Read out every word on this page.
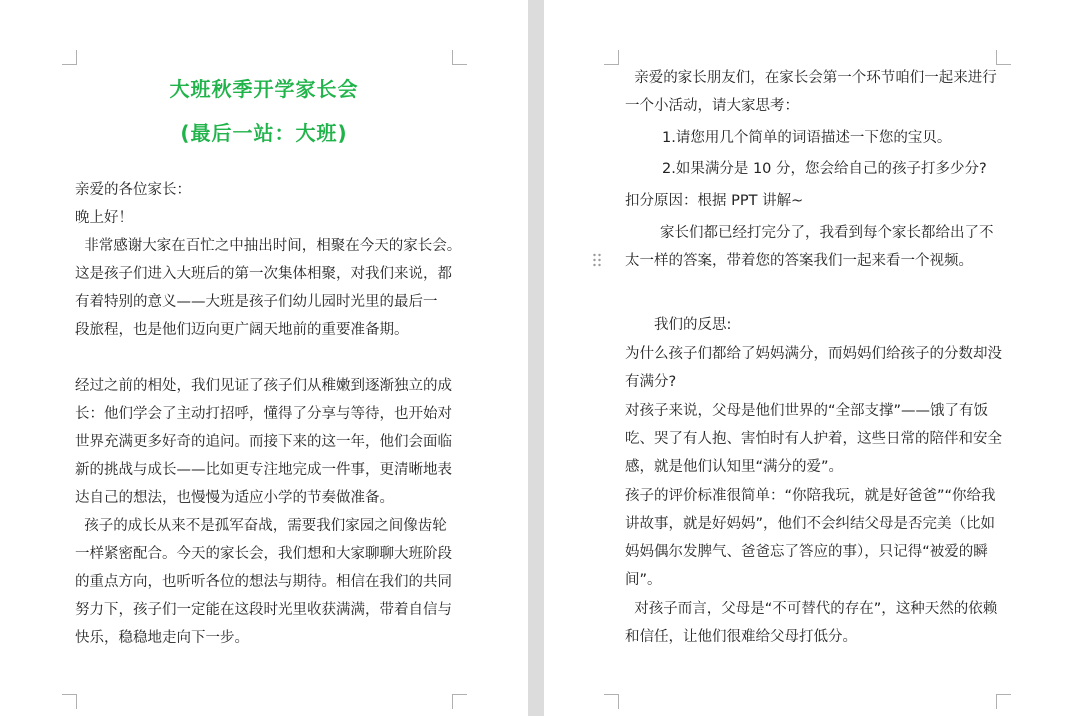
大班秋季开学家长会
(最后一站：大班)
亲爱的各位家长：
晚上好！
非常感谢大家在百忙之中抽出时间，相聚在今天的家长会。
这是孩子们进入大班后的第一次集体相聚，对我们来说，都
有着特别的意义——大班是孩子们幼儿园时光里的最后一
段旅程，也是他们迈向更广阔天地前的重要准备期。
经过之前的相处，我们见证了孩子们从稚嫩到逐渐独立的成
长：他们学会了主动打招呼，懂得了分享与等待，也开始对
世界充满更多好奇的追问。而接下来的这一年，他们会面临
新的挑战与成长——比如更专注地完成一件事，更清晰地表
达自己的想法，也慢慢为适应小学的节奏做准备。
孩子的成长从来不是孤军奋战，需要我们家园之间像齿轮
一样紧密配合。今天的家长会，我们想和大家聊聊大班阶段
的重点方向，也听听各位的想法与期待。相信在我们的共同
努力下，孩子们一定能在这段时光里收获满满，带着自信与
快乐，稳稳地走向下一步。
亲爱的家长朋友们，在家长会第一个环节咱们一起来进行
一个小活动，请大家思考：
1.请您用几个简单的词语描述一下您的宝贝。
2.如果满分是 10 分，您会给自己的孩子打多少分?
扣分原因：根据 PPT 讲解~
家长们都已经打完分了，我看到每个家长都给出了不
太一样的答案，带着您的答案我们一起来看一个视频。
我们的反思:
为什么孩子们都给了妈妈满分，而妈妈们给孩子的分数却没
有满分?
对孩子来说，父母是他们世界的“全部支撑”——饿了有饭
吃、哭了有人抱、害怕时有人护着，这些日常的陪伴和安全
感，就是他们认知里“满分的爱”。
孩子的评价标准很简单：“你陪我玩，就是好爸爸”“你给我
讲故事，就是好妈妈”，他们不会纠结父母是否完美（比如
妈妈偶尔发脾气、爸爸忘了答应的事），只记得“被爱的瞬
间”。
对孩子而言，父母是“不可替代的存在”，这种天然的依赖
和信任，让他们很难给父母打低分。
